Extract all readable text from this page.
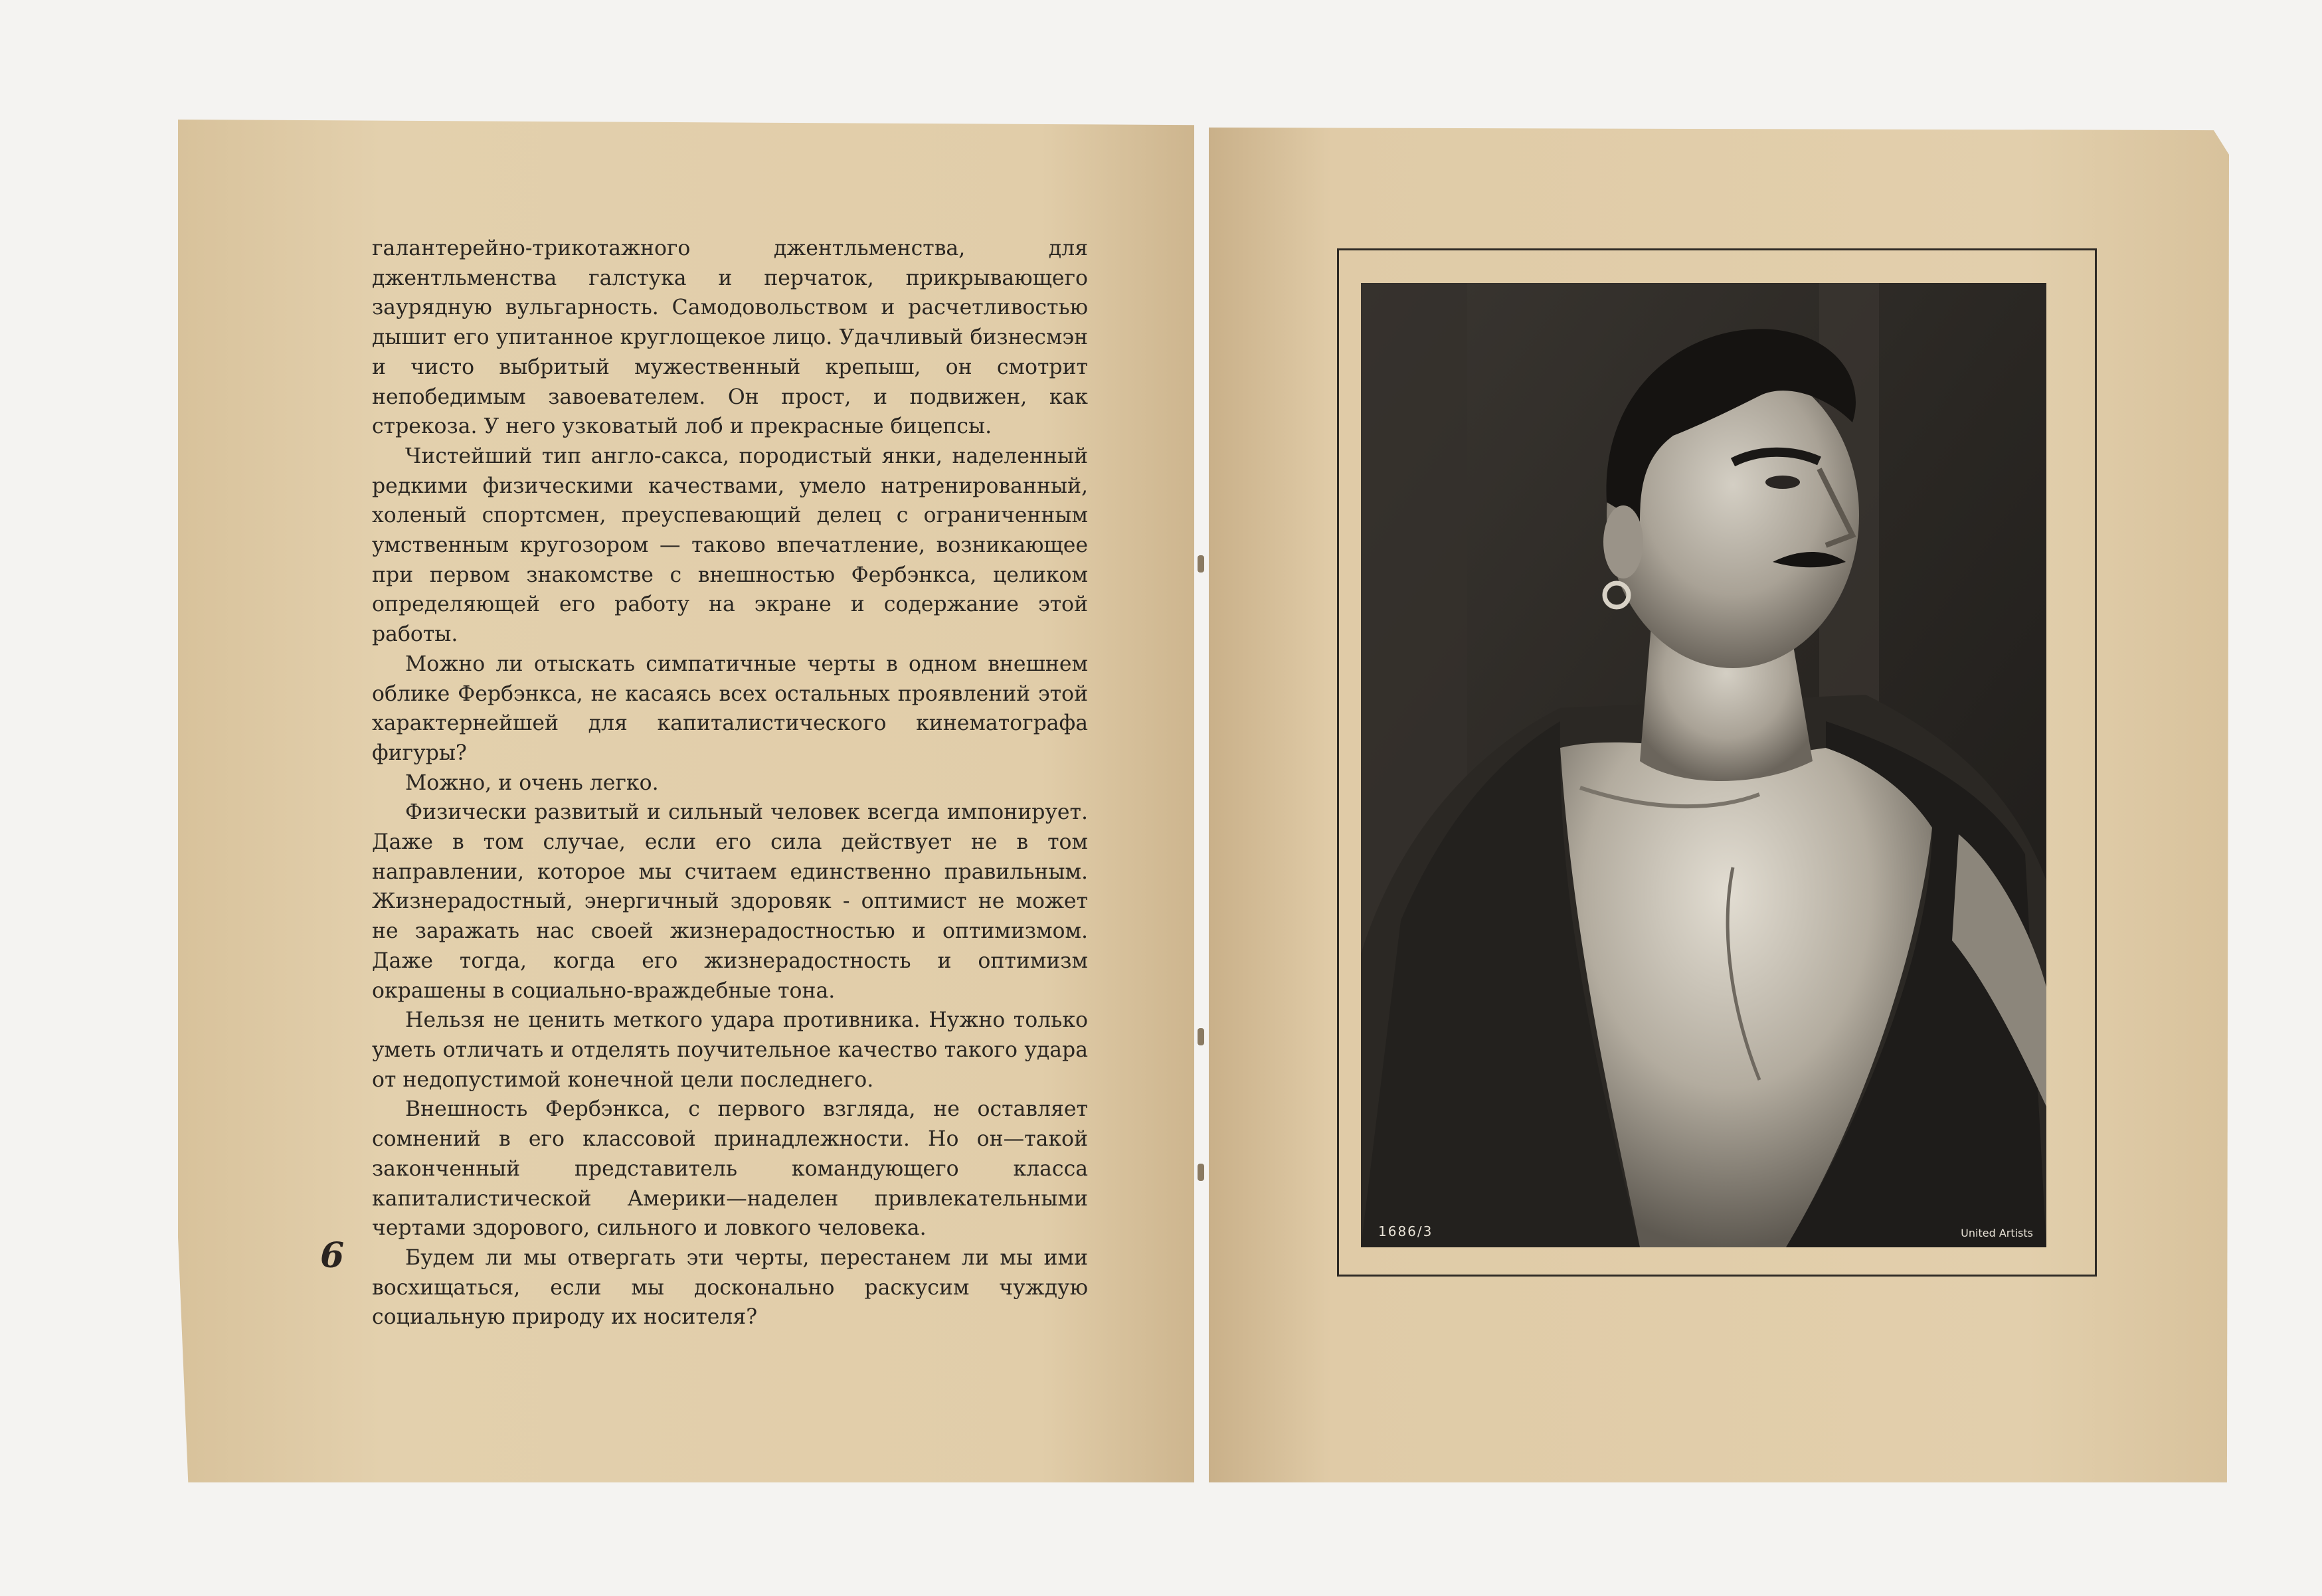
галантерейно-трикотажного джентльменства, для джентльменства галстука и перчаток, прикрывающего заурядную вульгарность. Самодовольством и расчетливостью дышит его упитанное круглощекое лицо. Удачливый бизнесмэн и чисто выбритый мужественный крепыш, он смотрит непобедимым завоевателем. Он прост, и подвижен, как стрекоза. У него узковатый лоб и прекрасные бицепсы.

Чистейший тип англо-сакса, породистый янки, наделенный редкими физическими качествами, умело натренированный, холеный спортсмен, преуспевающий делец с ограниченным умственным кругозором — таково впечатление, возникающее при первом знакомстве с внешностью Фербэнкса, целиком определяющей его работу на экране и содержание этой работы.

Можно ли отыскать симпатичные черты в одном внешнем облике Фербэнкса, не касаясь всех остальных проявлений этой характернейшей для капиталистического кинематографа фигуры?

Можно, и очень легко.

Физически развитый и сильный человек всегда импонирует. Даже в том случае, если его сила действует не в том направлении, которое мы считаем единственно правильным. Жизнерадостный, энергичный здоровяк - оптимист не может не заражать нас своей жизнерадостностью и оптимизмом. Даже тогда, когда его жизнерадостность и оптимизм окрашены в социально-враждебные тона.

Нельзя не ценить меткого удара противника. Нужно только уметь отличать и отделять поучительное качество такого удара от недопустимой конечной цели последнего.

Внешность Фербэнкса, с первого взгляда, не оставляет сомнений в его классовой принадлежности. Но он—такой законченный представитель командующего класса капиталистической Америки—наделен привлекательными чертами здорового, сильного и ловкого человека.

Будем ли мы отвергать эти черты, перестанем ли мы ими восхищаться, если мы досконально раскусим чуждую социальную природу их носителя?

6
1686/3	United Artists
